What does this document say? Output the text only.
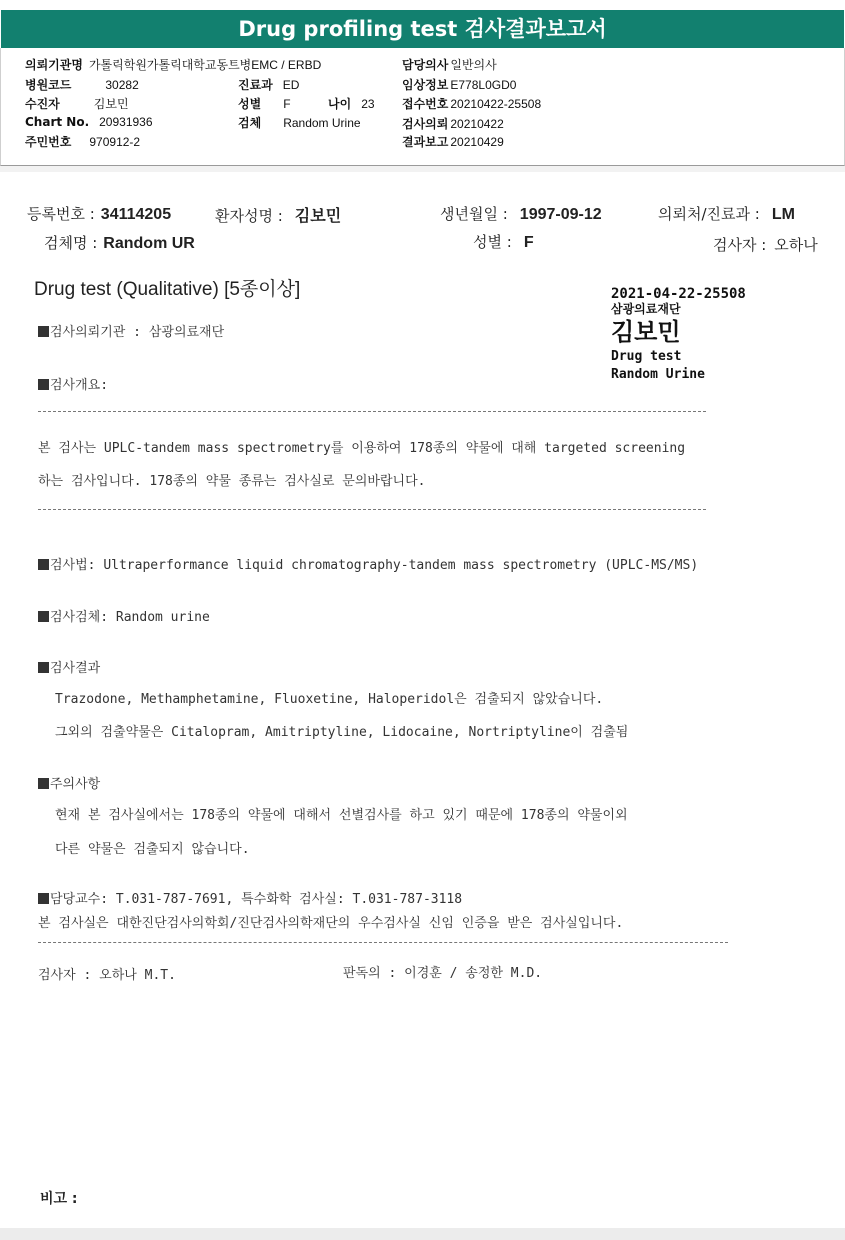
Drug profiling test 검사결과보고서
의뢰기관명 가톨릭학원가톨릭대학교동트병EMC / ERBD
병원코드	30282
수진자	김보민
Chart No. 20931936
주민번호 970912-2
진료과 ED
성별 F	나이 23
검체 Random Urine
담당의사 일반의사
임상정보 E778L0GD0
접수번호 20210422-25508
검사의뢰 20210422
결과보고 20210429
등록번호 : 34114205	환자성명 : 김보민	생년월일 : 1997-09-12	의뢰처/진료과 : LM
검체명 : Random UR	성별 : F	검사자 : 오하나
Drug test (Qualitative) [5종이상]	2021-04-22-25508
삼광의료재단
김보민
Drug test
Random Urine
검사의뢰기관 : 삼광의료재단
검사개요:
본 검사는 UPLC-tandem mass spectrometry를 이용하여 178종의 약물에 대해 targeted screening
하는 검사입니다. 178종의 약물 종류는 검사실로 문의바랍니다.
검사법: Ultraperformance liquid chromatography-tandem mass spectrometry (UPLC-MS/MS)
검사검체: Random urine
검사결과
Trazodone, Methamphetamine, Fluoxetine, Haloperidol은 검출되지 않았습니다.
그외의 검출약물은 Citalopram, Amitriptyline, Lidocaine, Nortriptyline이 검출됨
주의사항
현재 본 검사실에서는 178종의 약물에 대해서 선별검사를 하고 있기 때문에 178종의 약물이외
다른 약물은 검출되지 않습니다.
담당교수: T.031-787-7691, 특수화학 검사실: T.031-787-3118
본 검사실은 대한진단검사의학회/진단검사의학재단의 우수검사실 신임 인증을 받은 검사실입니다.
검사자 : 오하나 M.T.	판독의 : 이경훈 / 송정한 M.D.
비고 :
